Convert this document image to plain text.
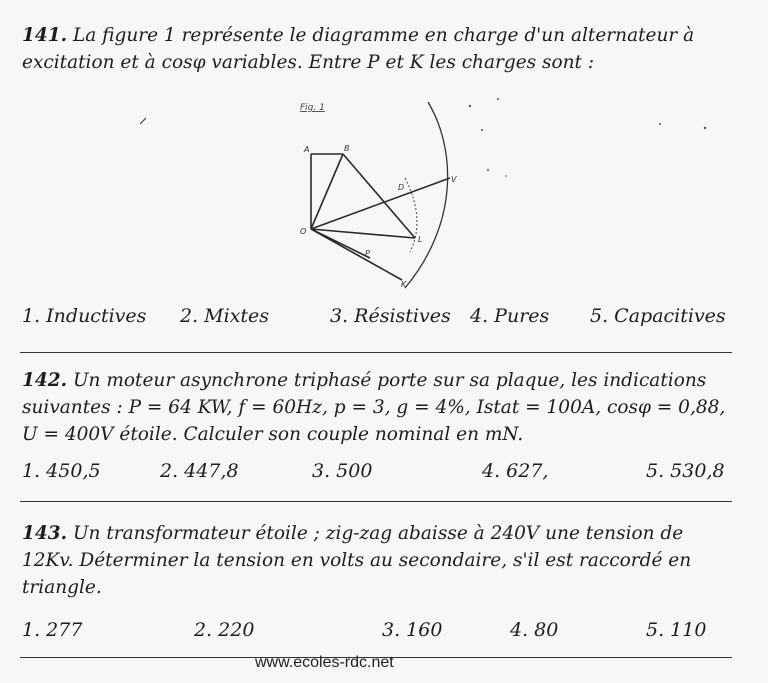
141. La figure 1 représente le diagramme en charge d'un alternateur à excitation et à cosφ variables. Entre P et K les charges sont :
Fig. 1
A	B
O
V
D
L
P
K
1. Inductives 2. Mixtes	3. Résistives 4. Pures 5. Capacitives
142. Un moteur asynchrone triphasé porte sur sa plaque, les indications suivantes : P = 64 KW, f = 60Hz, p = 3, g = 4%, Istat = 100A, cosφ = 0,88, U = 400V étoile. Calculer son couple nominal en mN.
1. 450,5	2. 447,8	3. 500	4. 627,	5. 530,8
143. Un transformateur étoile ; zig-zag abaisse à 240V une tension de 12Kv. Déterminer la tension en volts au secondaire, s'il est raccordé en triangle.
1. 277	2. 220	3. 160	4. 80	5. 110
www.ecoles-rdc.net
